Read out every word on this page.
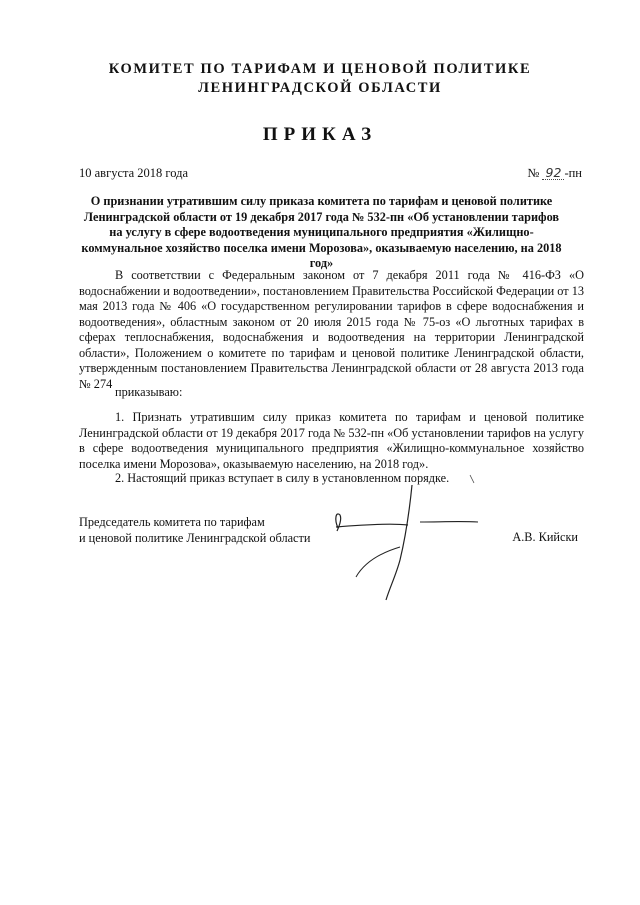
КОМИТЕТ ПО ТАРИФАМ И ЦЕНОВОЙ ПОЛИТИКЕ
ЛЕНИНГРАДСКОЙ ОБЛАСТИ
ПРИКАЗ
10 августа 2018 года	№ 92 -пн
О признании утратившим силу приказа комитета по тарифам и ценовой политике Ленинградской области от 19 декабря 2017 года № 532-пн «Об установлении тарифов на услугу в сфере водоотведения муниципального предприятия «Жилищно-коммунальное хозяйство поселка имени Морозова», оказываемую населению, на 2018 год»
В соответствии с Федеральным законом от 7 декабря 2011 года № 416-ФЗ «О водоснабжении и водоотведении», постановлением Правительства Российской Федерации от 13 мая 2013 года № 406 «О государственном регулировании тарифов в сфере водоснабжения и водоотведения», областным законом от 20 июля 2015 года № 75-оз «О льготных тарифах в сферах теплоснабжения, водоснабжения и водоотведения на территории Ленинградской области», Положением о комитете по тарифам и ценовой политике Ленинградской области, утвержденным постановлением Правительства Ленинградской области от 28 августа 2013 года № 274
приказываю:
1. Признать утратившим силу приказ комитета по тарифам и ценовой политике Ленинградской области от 19 декабря 2017 года № 532-пн «Об установлении тарифов на услугу в сфере водоотведения муниципального предприятия «Жилищно-коммунальное хозяйство поселка имени Морозова», оказываемую населению, на 2018 год».
2. Настоящий приказ вступает в силу в установленном порядке.
Председатель комитета по тарифам
и ценовой политике Ленинградской области	А.В. Кийски
